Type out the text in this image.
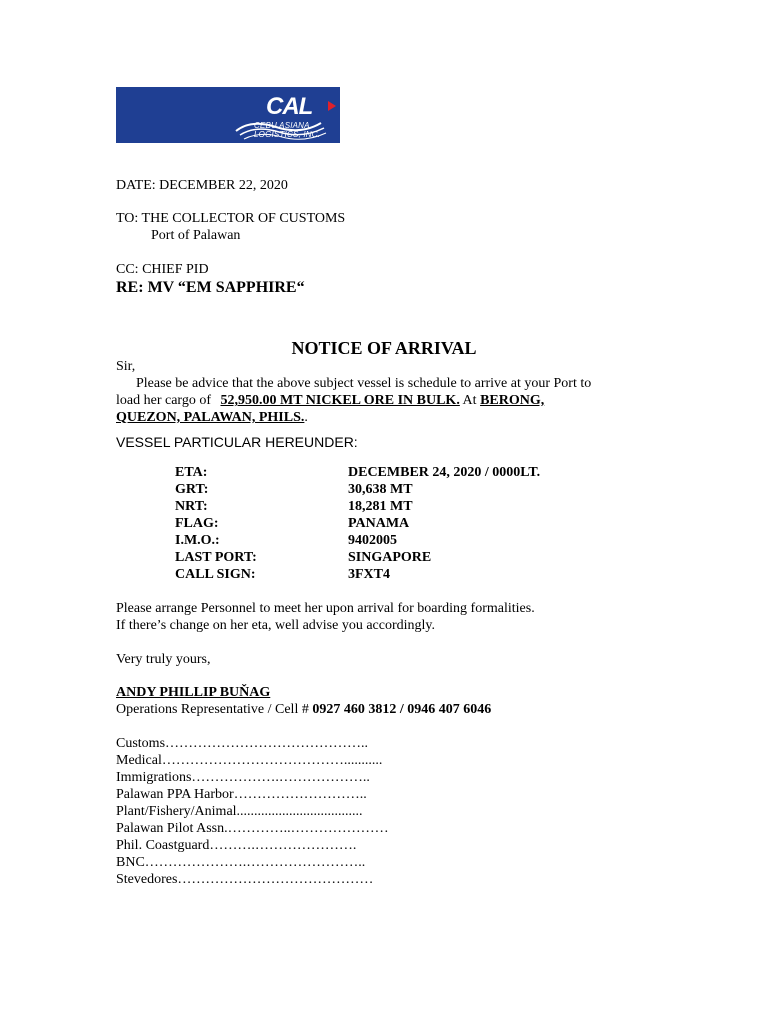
CAL
CEBU ASIANA LOGISTICS, INC.
DATE: DECEMBER 22, 2020
TO: THE COLLECTOR OF CUSTOMS
Port of Palawan
CC: CHIEF PID
RE: MV “EM SAPPHIRE“
NOTICE OF ARRIVAL
Sir,
Please be advice that the above subject vessel is schedule to arrive at your Port to
load her cargo of 52,950.00 MT NICKEL ORE IN BULK. At BERONG,
QUEZON, PALAWAN, PHILS..
VESSEL PARTICULAR HEREUNDER:
ETA:	DECEMBER 24, 2020 / 0000LT.
GRT:	30,638 MT
NRT:	18,281 MT
FLAG:	PANAMA
I.M.O.:	9402005
LAST PORT:	SINGAPORE
CALL SIGN:	3FXT4
Please arrange Personnel to meet her upon arrival for boarding formalities.
If there’s change on her eta, well advise you accordingly.
Very truly yours,
ANDY PHILLIP BUŇAG
Operations Representative / Cell # 0927 460 3812 / 0946 407 6046
Customs……………………………………..
Medical…………………………………...........
Immigrations……………….………………..
Palawan PPA Harbor………………………..
Plant/Fishery/Animal....................................
Palawan Pilot Assn.…………..…………………
Phil. Coastguard……….………………….
BNC………………….……………………..
Stevedores……………………………………
